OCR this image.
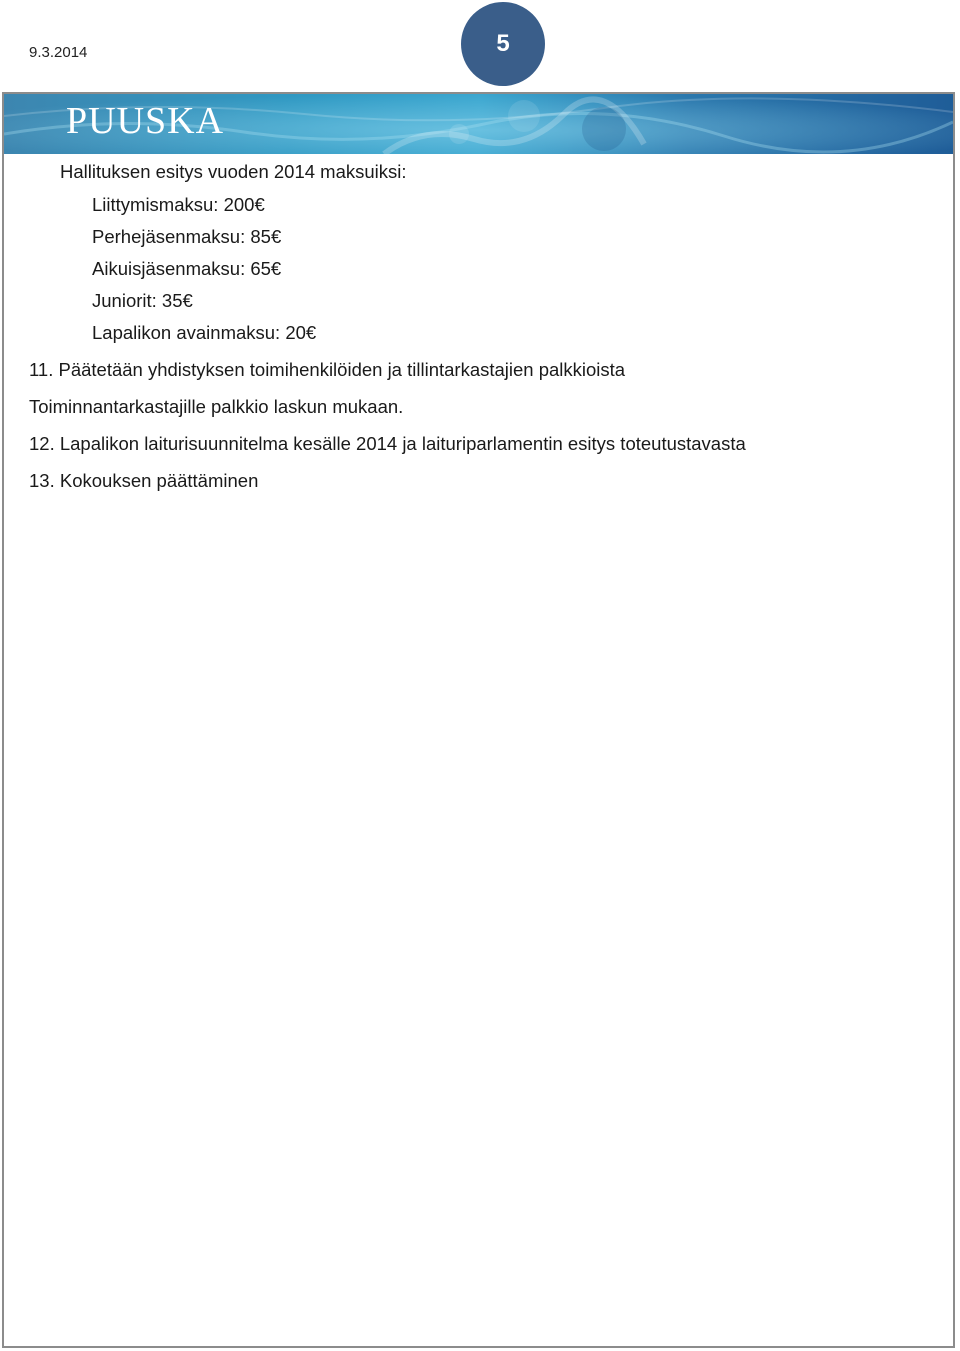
9.3.2014	5
PUUSKA
Hallituksen esitys vuoden 2014 maksuiksi:
Liittymismaksu: 200€
Perhejäsenmaksu: 85€
Aikuisjäsenmaksu: 65€
Juniorit: 35€
Lapalikon avainmaksu: 20€
11. Päätetään yhdistyksen toimihenkilöiden ja tillintarkastajien palkkioista
Toiminnantarkastajille palkkio laskun mukaan.
12. Lapalikon laiturisuunnitelma kesälle 2014 ja laituriparlamentin esitys toteutustavasta
13. Kokouksen päättäminen
